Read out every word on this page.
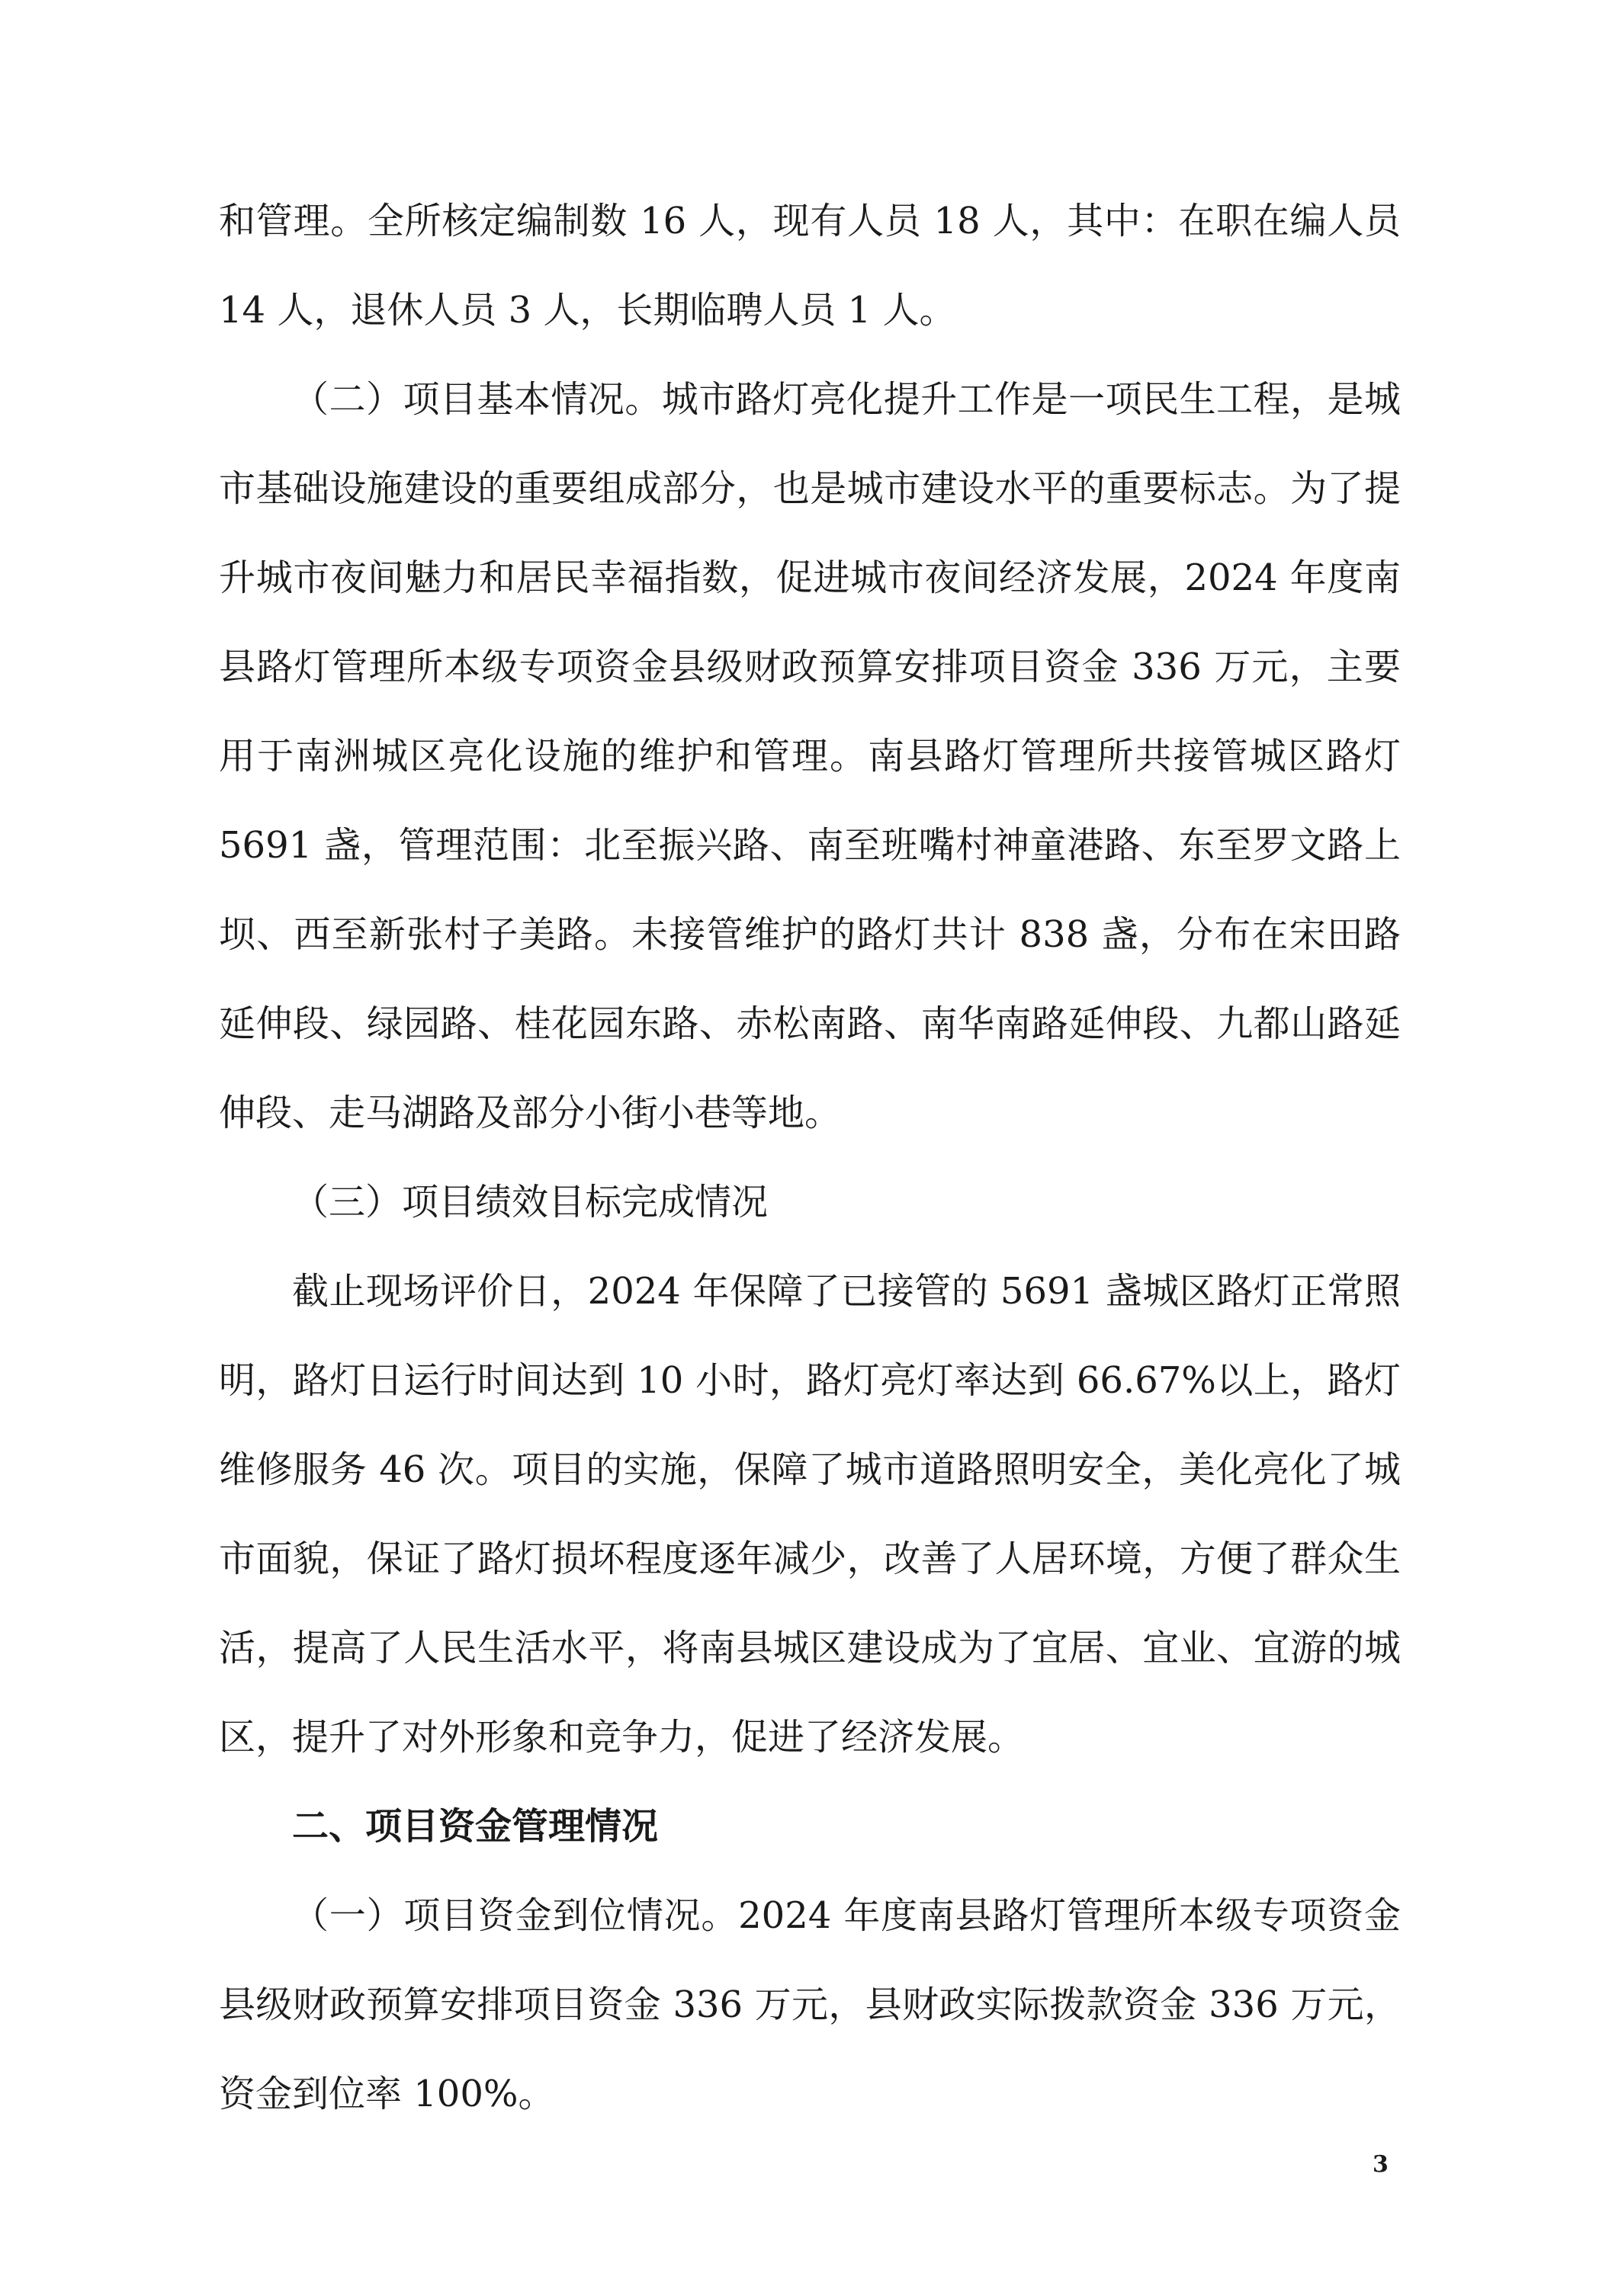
和管理。全所核定编制数 16 人，现有人员 18 人，其中：在职在编人员 14 人，退休人员 3 人，长期临聘人员 1 人。

（二）项目基本情况。城市路灯亮化提升工作是一项民生工程，是城市基础设施建设的重要组成部分，也是城市建设水平的重要标志。为了提升城市夜间魅力和居民幸福指数，促进城市夜间经济发展，2024 年度南县路灯管理所本级专项资金县级财政预算安排项目资金 336 万元，主要用于南洲城区亮化设施的维护和管理。南县路灯管理所共接管城区路灯 5691 盏，管理范围：北至振兴路、南至班嘴村神童港路、东至罗文路上坝、西至新张村子美路。未接管维护的路灯共计 838 盏，分布在宋田路延伸段、绿园路、桂花园东路、赤松南路、南华南路延伸段、九都山路延伸段、走马湖路及部分小街小巷等地。

（三）项目绩效目标完成情况

截止现场评价日，2024 年保障了已接管的 5691 盏城区路灯正常照明，路灯日运行时间达到 10 小时，路灯亮灯率达到 66.67%以上，路灯维修服务 46 次。项目的实施，保障了城市道路照明安全，美化亮化了城市面貌，保证了路灯损坏程度逐年减少，改善了人居环境，方便了群众生活，提高了人民生活水平，将南县城区建设成为了宜居、宜业、宜游的城区，提升了对外形象和竞争力，促进了经济发展。

二、项目资金管理情况

（一）项目资金到位情况。2024 年度南县路灯管理所本级专项资金县级财政预算安排项目资金 336 万元，县财政实际拨款资金 336 万元，资金到位率 100%。

3
